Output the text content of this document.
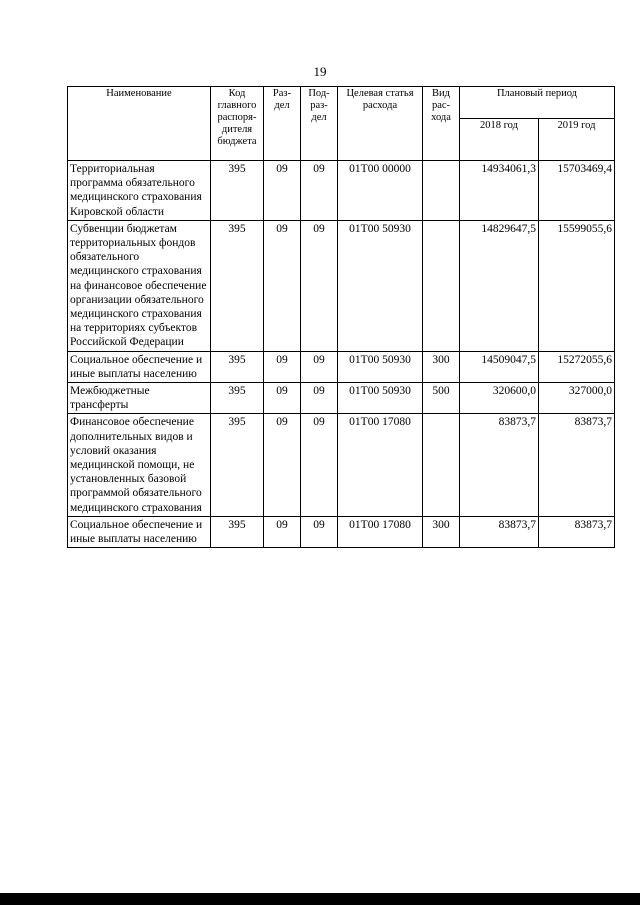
19
Наименование	Код главного распоря-дителя бюджета	Раз-дел	Под-раз-дел	Целевая статья расхода	Вид рас-хода	Плановый период	
						2018 год	2019 год
Территориальная программа обязательного медицинского страхования Кировской области	395	09	09	01Т00 00000		14934061,3	15703469,4
Субвенции бюджетам территориальных фондов обязательного медицинского страхования на финансовое обеспечение организации обязательного медицинского страхования на территориях субъектов Российской Федерации	395	09	09	01Т00 50930		14829647,5	15599055,6
Социальное обеспечение и иные выплаты населению	395	09	09	01Т00 50930	300	14509047,5	15272055,6
Межбюджетные трансферты	395	09	09	01Т00 50930	500	320600,0	327000,0
Финансовое обеспечение дополнительных видов и условий оказания медицинской помощи, не установленных базовой программой обязательного медицинского страхования	395	09	09	01Т00 17080		83873,7	83873,7
Социальное обеспечение и иные выплаты населению	395	09	09	01Т00 17080	300	83873,7	83873,7
